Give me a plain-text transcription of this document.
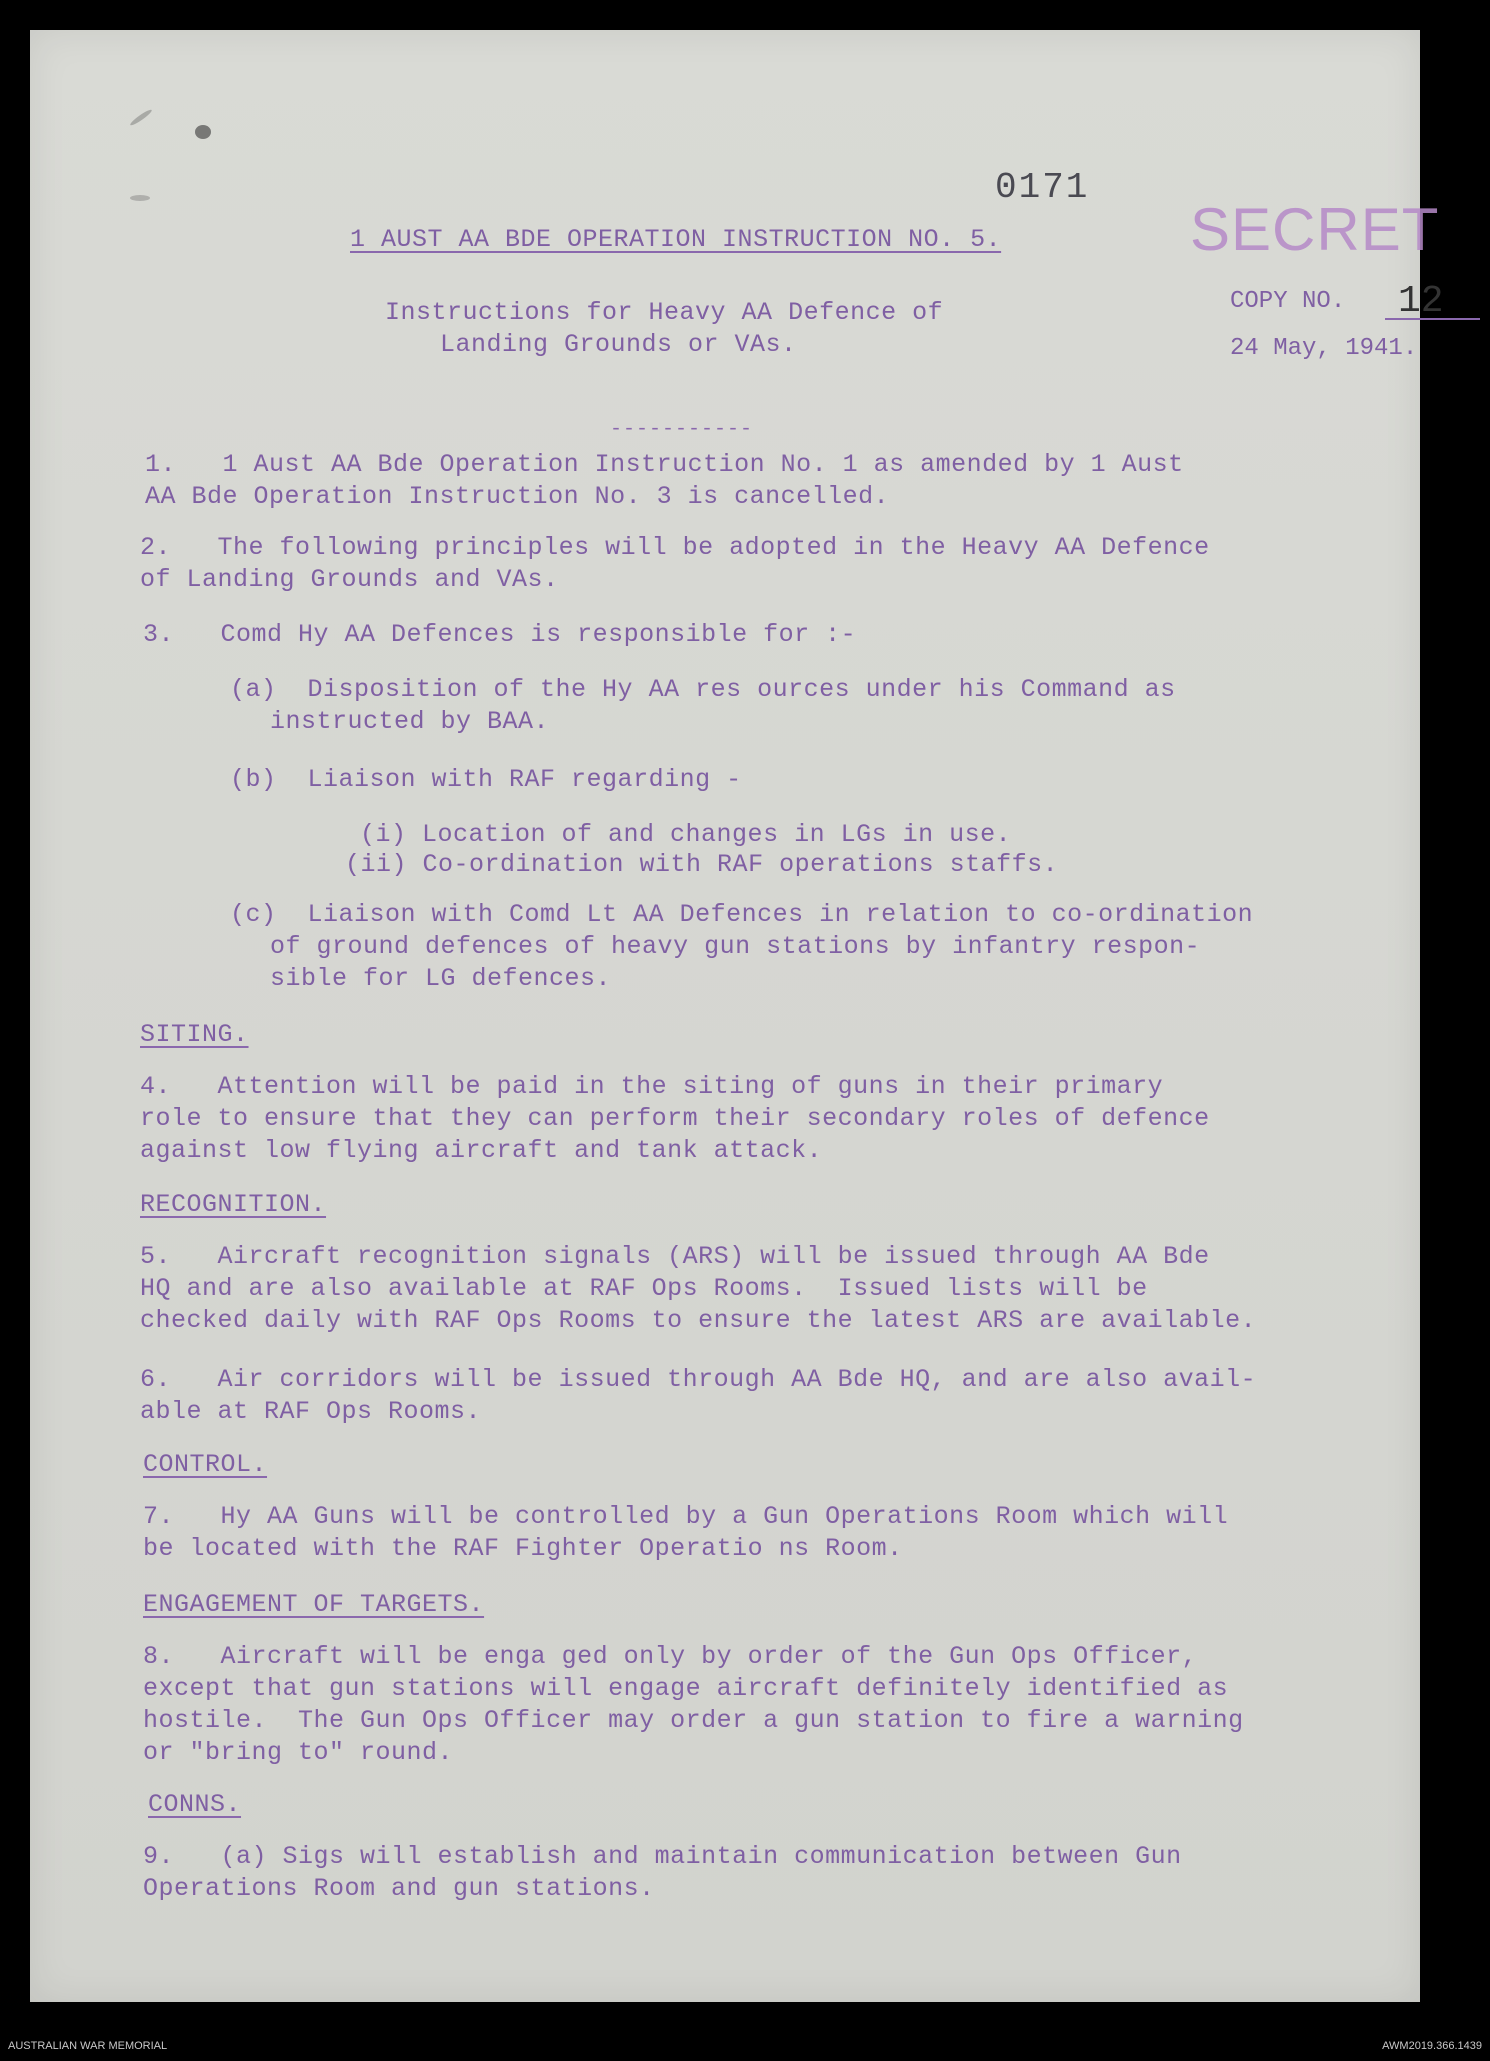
0171
SECRET
COPY NO. 12
24 May, 1941.
1 AUST AA BDE OPERATION INSTRUCTION NO. 5.
Instructions for Heavy AA Defence of
Landing Grounds or VAs.
-----------
1.   1 Aust AA Bde Operation Instruction No. 1 as amended by 1 Aust
AA Bde Operation Instruction No. 3 is cancelled.
2.   The following principles will be adopted in the Heavy AA Defence
of Landing Grounds and VAs.
3.   Comd Hy AA Defences is responsible for :-
(a)  Disposition of the Hy AA res ources under his Command as
instructed by BAA.
(b)  Liaison with RAF regarding -
(i) Location of and changes in LGs in use.
(ii) Co-ordination with RAF operations staffs.
(c)  Liaison with Comd Lt AA Defences in relation to co-ordination
of ground defences of heavy gun stations by infantry respon-
sible for LG defences.
SITING.
4.   Attention will be paid in the siting of guns in their primary
role to ensure that they can perform their secondary roles of defence
against low flying aircraft and tank attack.
RECOGNITION.
5.   Aircraft recognition signals (ARS) will be issued through AA Bde
HQ and are also available at RAF Ops Rooms.  Issued lists will be
checked daily with RAF Ops Rooms to ensure the latest ARS are available.
6.   Air corridors will be issued through AA Bde HQ, and are also avail-
able at RAF Ops Rooms.
CONTROL.
7.   Hy AA Guns will be controlled by a Gun Operations Room which will
be located with the RAF Fighter Operatio ns Room.
ENGAGEMENT OF TARGETS.
8.   Aircraft will be enga ged only by order of the Gun Ops Officer,
except that gun stations will engage aircraft definitely identified as
hostile.  The Gun Ops Officer may order a gun station to fire a warning
or "bring to" round.
CONNS.
9.   (a) Sigs will establish and maintain communication between Gun
Operations Room and gun stations.
AUSTRALIAN WAR MEMORIAL	AWM2019.366.1439
